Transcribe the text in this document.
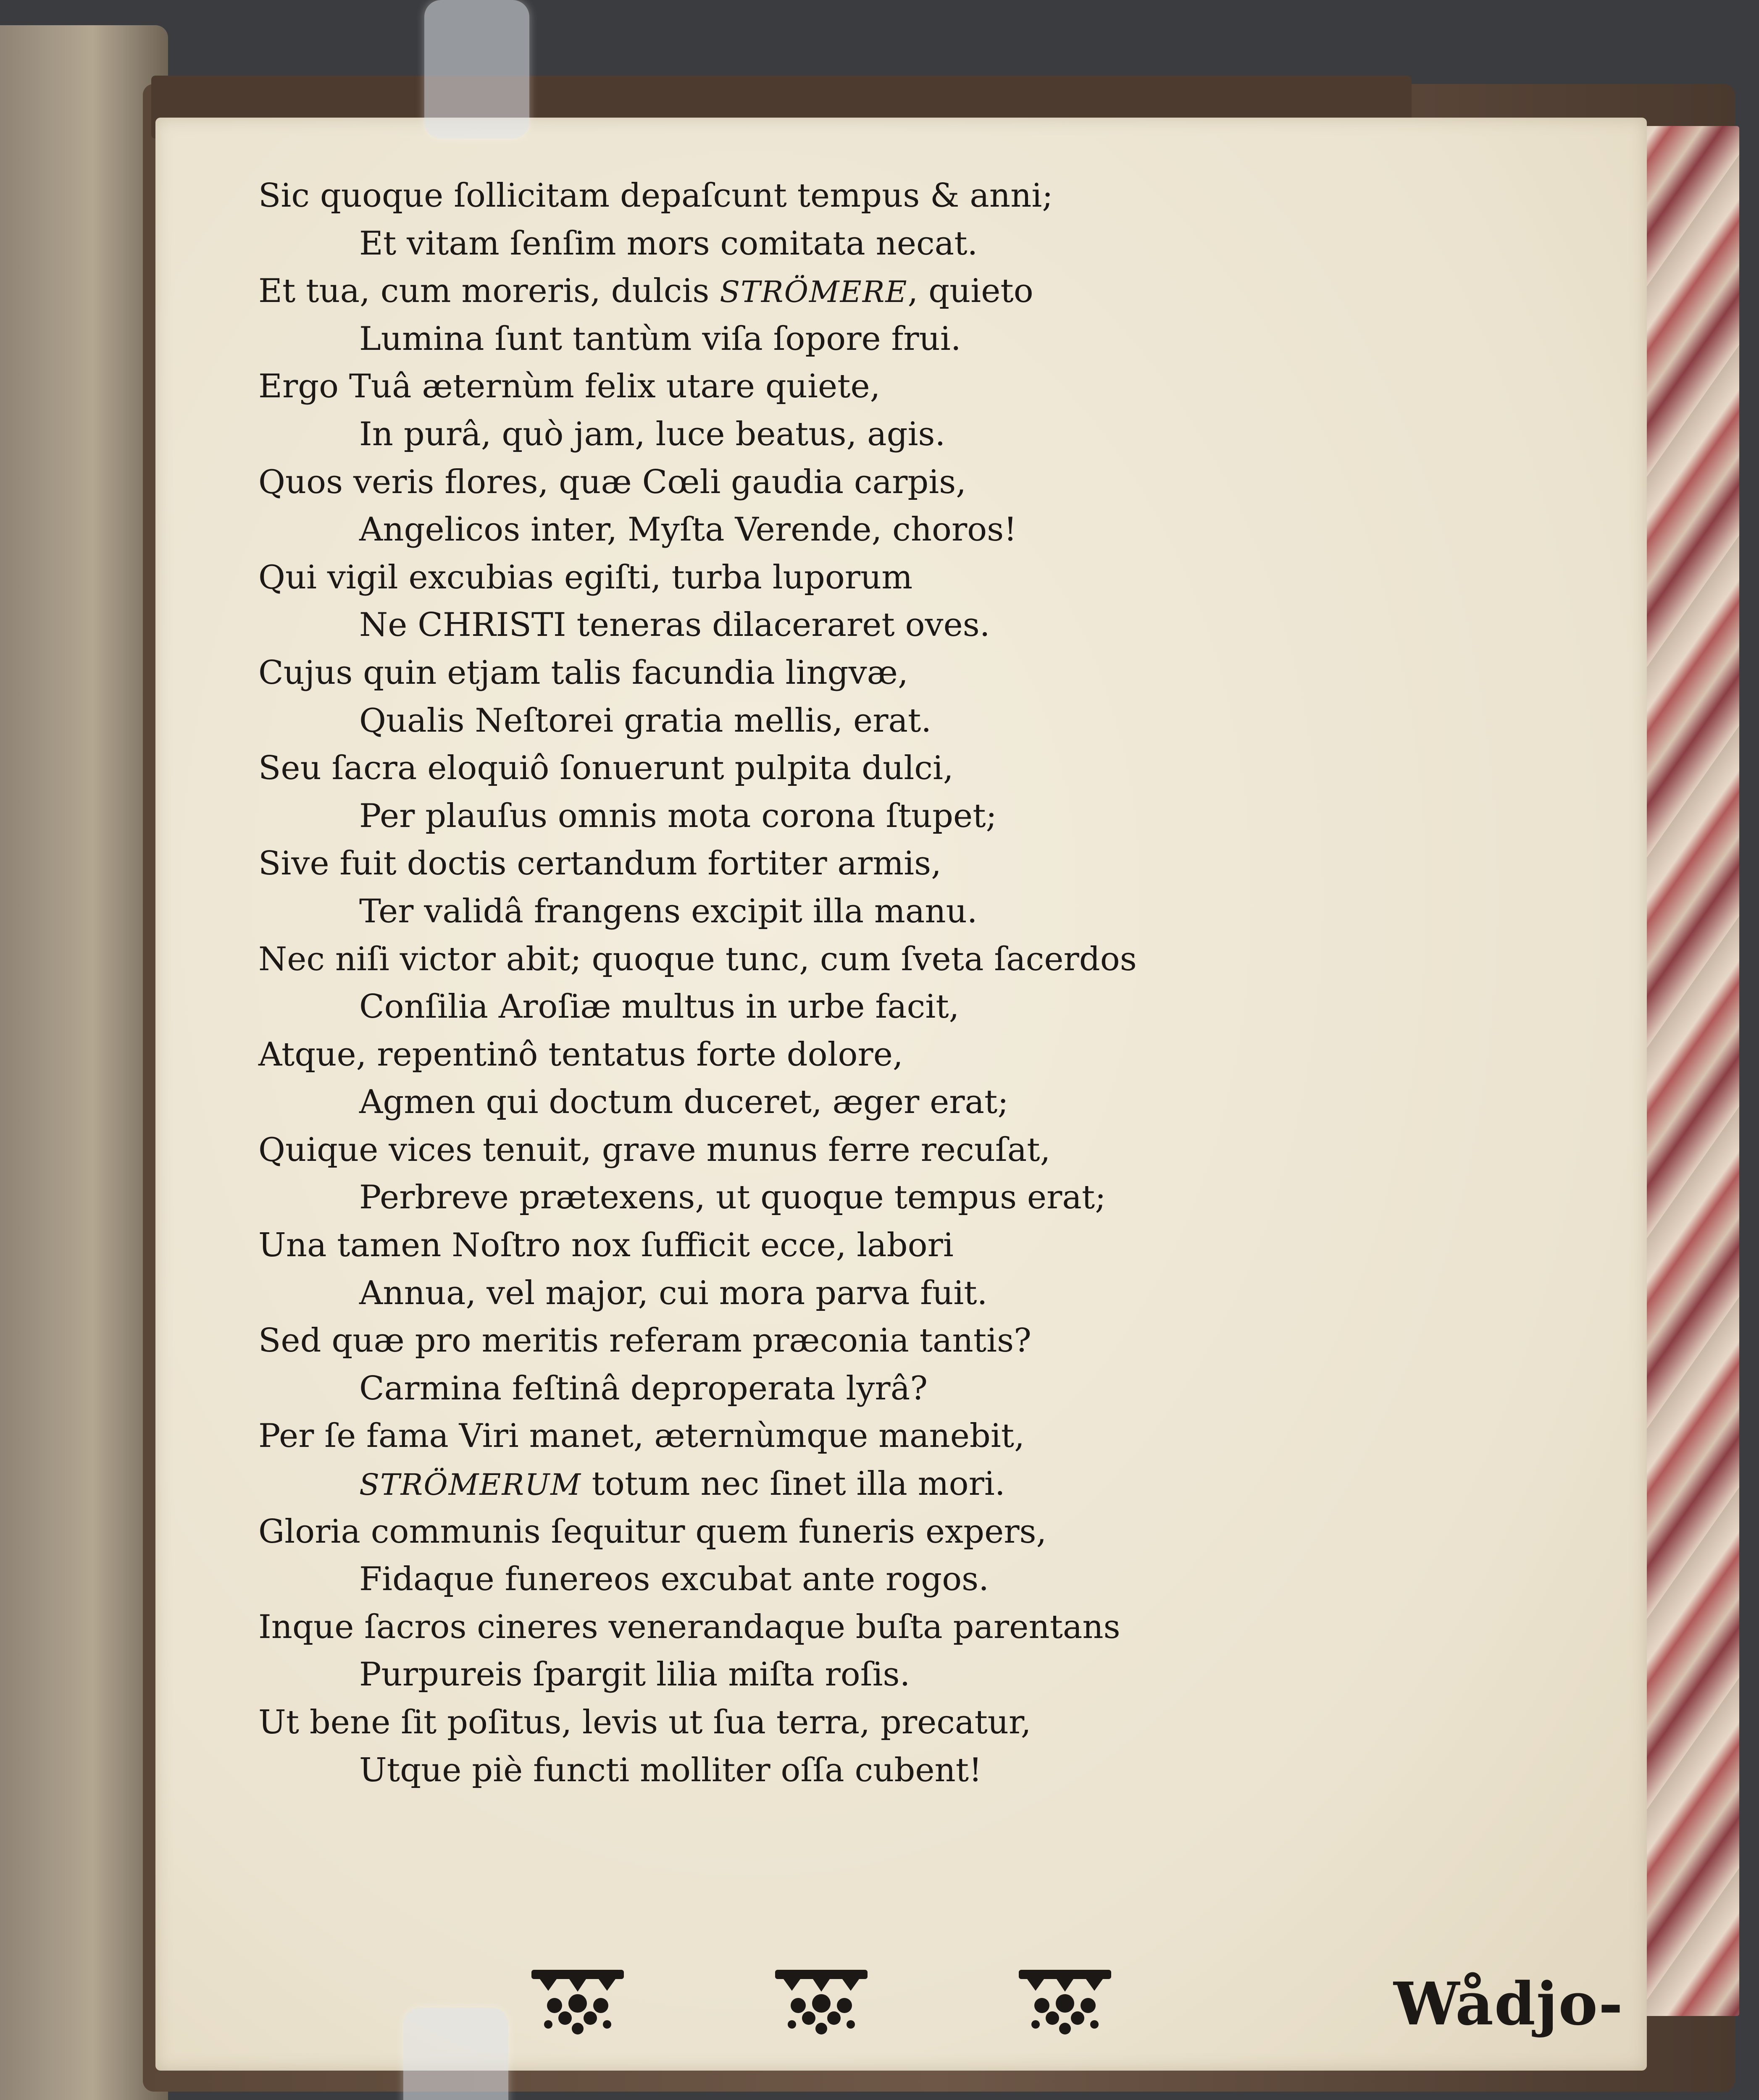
Sic quoque ſollicitam depaſcunt tempus & anni;
Et vitam ſenſim mors comitata necat.
Et tua, cum moreris, dulcis STRÖMERE, quieto
Lumina ſunt tantùm viſa ſopore frui.
Ergo Tuâ æternùm felix utare quiete,
In purâ, quò jam, luce beatus, agis.
Quos veris flores, quæ Cœli gaudia carpis,
Angelicos inter, Myſta Verende, choros!
Qui vigil excubias egiſti, turba luporum
Ne CHRISTI teneras dilaceraret oves.
Cujus quin etjam talis facundia lingvæ,
Qualis Neſtorei gratia mellis, erat.
Seu ſacra eloquiô ſonuerunt pulpita dulci,
Per plauſus omnis mota corona ſtupet;
Sive fuit doctis certandum fortiter armis,
Ter validâ frangens excipit illa manu.
Nec niſi victor abit; quoque tunc, cum ſveta ſacerdos
Conſilia Aroſiæ multus in urbe facit,
Atque, repentinô tentatus forte dolore,
Agmen qui doctum duceret, æger erat;
Quique vices tenuit, grave munus ferre recuſat,
Perbreve prætexens, ut quoque tempus erat;
Una tamen Noſtro nox ſufficit ecce, labori
Annua, vel major, cui mora parva fuit.
Sed quæ pro meritis referam præconia tantis?
Carmina feſtinâ deproperata lyrâ?
Per ſe fama Viri manet, æternùmque manebit,
STRÖMERUM totum nec ſinet illa mori.
Gloria communis ſequitur quem funeris expers,
Fidaque funereos excubat ante rogos.
Inque ſacros cineres venerandaque buſta parentans
Purpureis ſpargit lilia miſta roſis.
Ut bene ſit poſitus, levis ut ſua terra, precatur,
Utque piè functi molliter oſſa cubent!
Wådjo-
